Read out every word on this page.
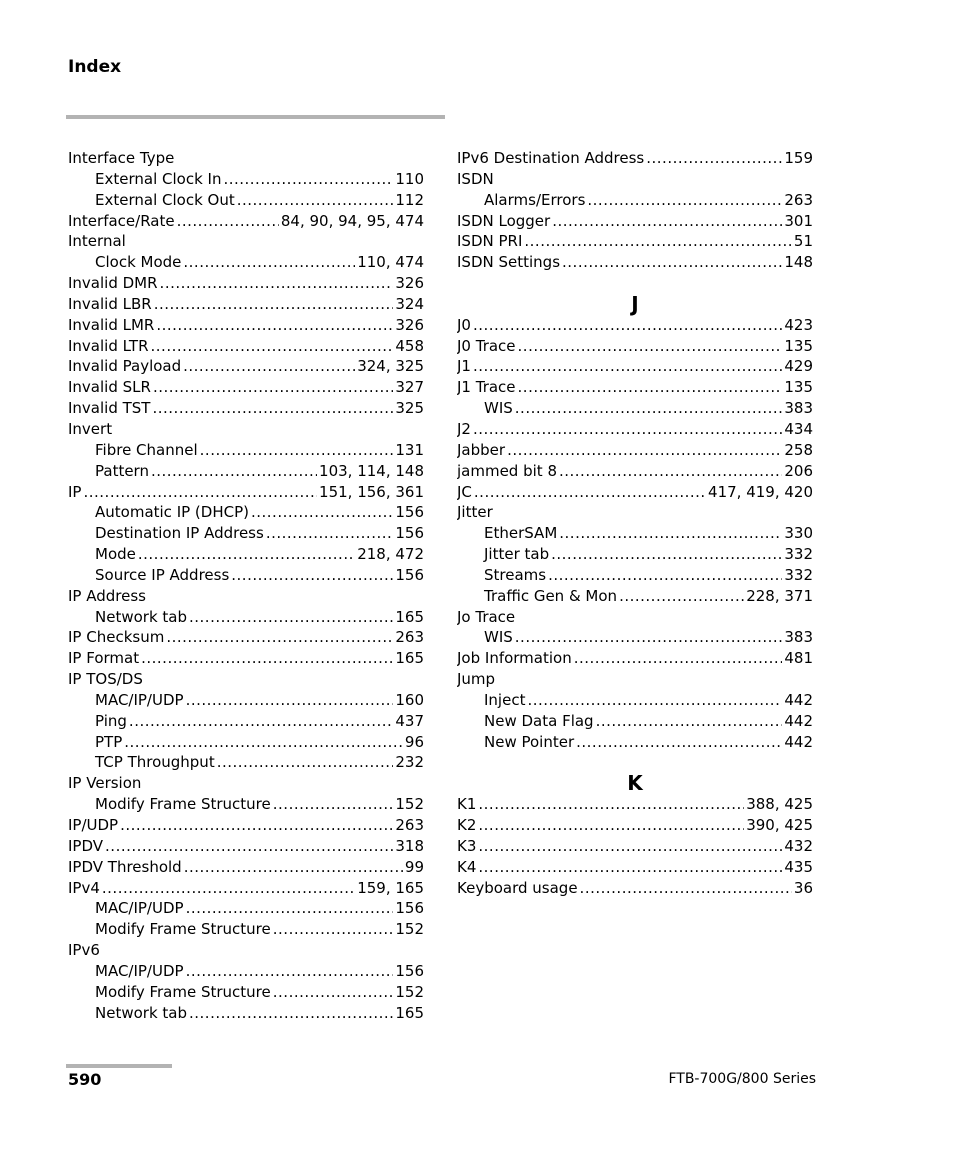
Index
Interface Type
External Clock In .....	110
External Clock Out .....	112
Interface/Rate .....	84, 90, 94, 95, 474
Internal
Clock Mode .....	110, 474
Invalid DMR .....	326
Invalid LBR .....	324
Invalid LMR .....	326
Invalid LTR .....	458
Invalid Payload .....	324, 325
Invalid SLR .....	327
Invalid TST .....	325
Invert
Fibre Channel .....	131
Pattern .....	103, 114, 148
IP .....	151, 156, 361
Automatic IP (DHCP) .....	156
Destination IP Address .....	156
Mode .....	218, 472
Source IP Address .....	156
IP Address
Network tab .....	165
IP Checksum .....	263
IP Format .....	165
IP TOS/DS
MAC/IP/UDP .....	160
Ping .....	437
PTP .....	96
TCP Throughput .....	232
IP Version
Modify Frame Structure .....	152
IP/UDP .....	263
IPDV .....	318
IPDV Threshold .....	99
IPv4 .....	159, 165
MAC/IP/UDP .....	156
Modify Frame Structure .....	152
IPv6
MAC/IP/UDP .....	156
Modify Frame Structure .....	152
Network tab .....	165
IPv6 Destination Address .....	159
ISDN
Alarms/Errors .....	263
ISDN Logger .....	301
ISDN PRI .....	51
ISDN Settings .....	148
J
J0 .....	423
J0 Trace .....	135
J1 .....	429
J1 Trace .....	135
WIS .....	383
J2 .....	434
Jabber .....	258
jammed bit 8 .....	206
JC .....	417, 419, 420
Jitter
EtherSAM .....	330
Jitter tab .....	332
Streams .....	332
Traffic Gen & Mon .....	228, 371
Jo Trace
WIS .....	383
Job Information .....	481
Jump
Inject .....	442
New Data Flag .....	442
New Pointer .....	442
K
K1 .....	388, 425
K2 .....	390, 425
K3 .....	432
K4 .....	435
Keyboard usage .....	36
590	FTB-700G/800 Series
